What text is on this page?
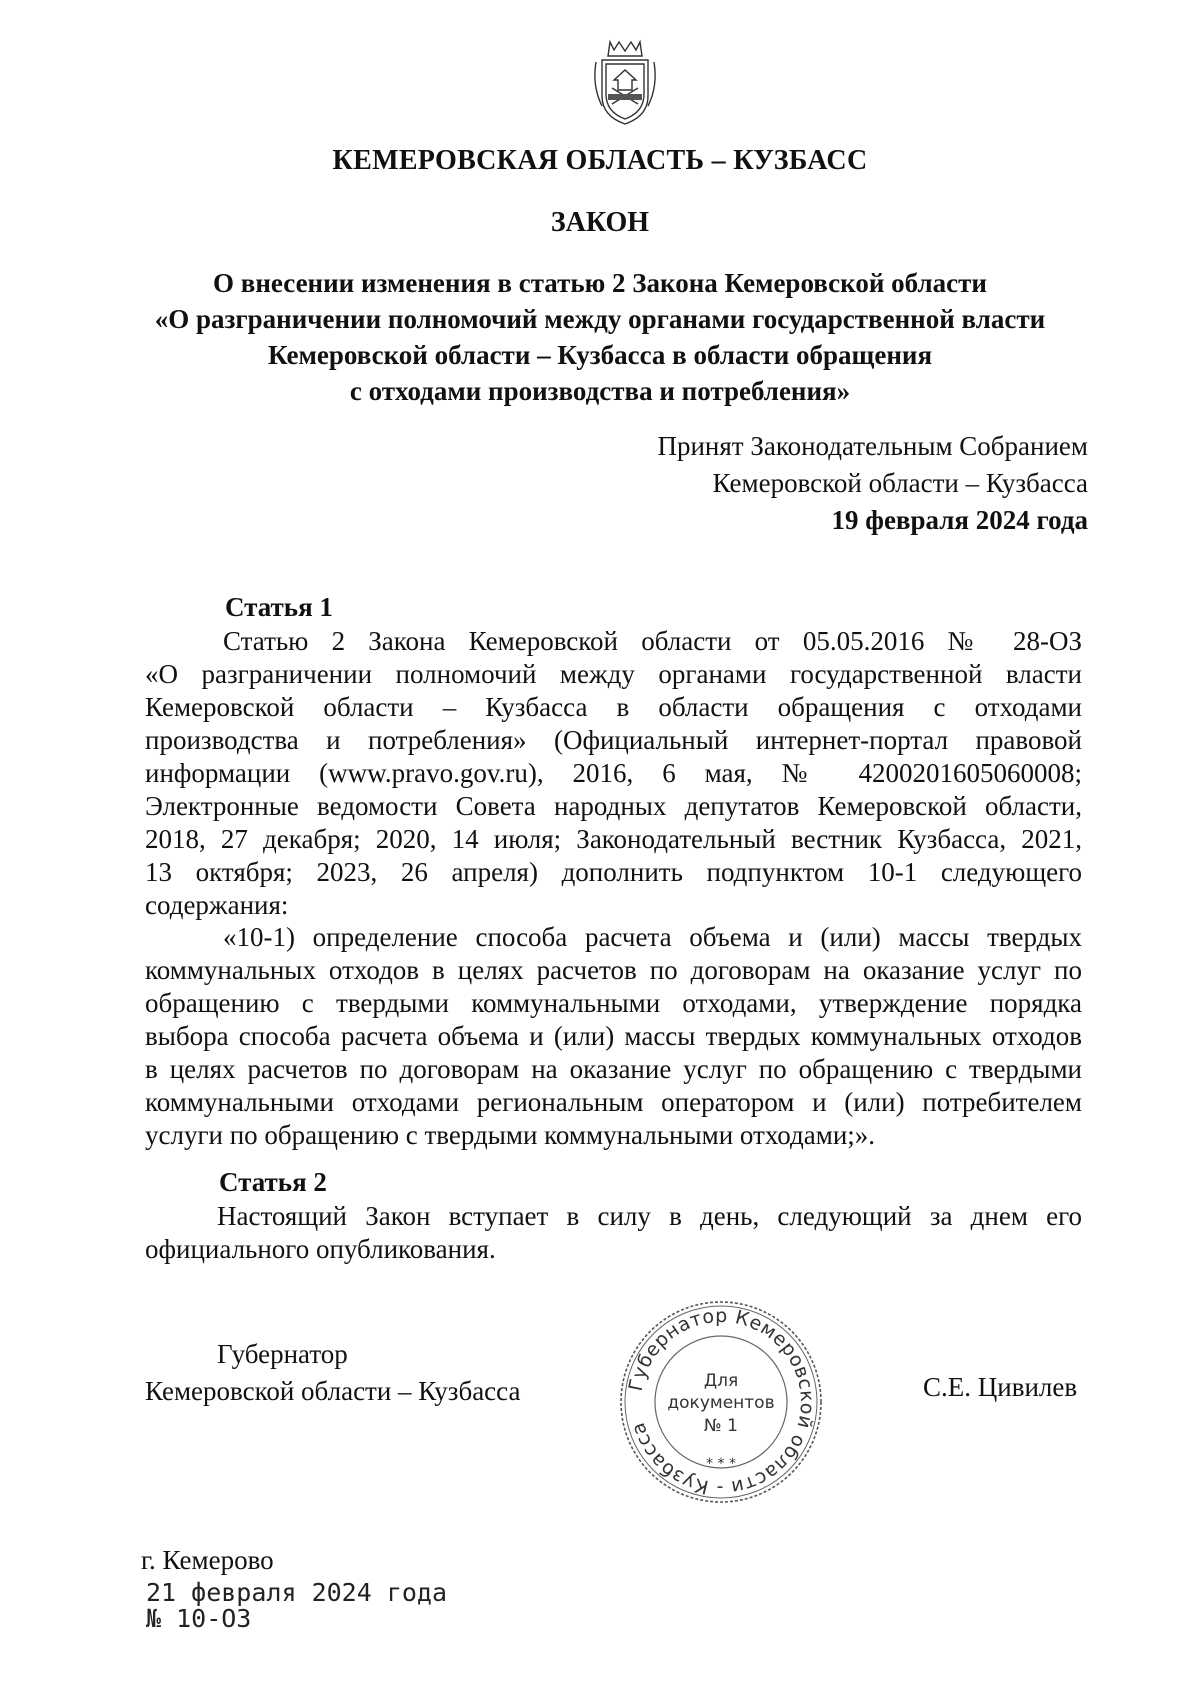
КЕМЕРОВСКАЯ ОБЛАСТЬ – КУЗБАСС
ЗАКОН
О внесении изменения в статью 2 Закона Кемеровской области
«О разграничении полномочий между органами государственной власти
Кемеровской области – Кузбасса в области обращения
с отходами производства и потребления»
Принят Законодательным Собранием
Кемеровской области – Кузбасса
19 февраля 2024 года
Статья 1
Статью 2 Закона Кемеровской области от 05.05.2016 № 28-ОЗ
«О разграничении полномочий между органами государственной власти
Кемеровской области – Кузбасса в области обращения с отходами
производства и потребления» (Официальный интернет-портал правовой
информации (www.pravo.gov.ru), 2016, 6 мая, № 4200201605060008;
Электронные ведомости Совета народных депутатов Кемеровской области,
2018, 27 декабря; 2020, 14 июля; Законодательный вестник Кузбасса, 2021,
13 октября; 2023, 26 апреля) дополнить подпунктом 10-1 следующего
содержания:
«10-1) определение способа расчета объема и (или) массы твердых
коммунальных отходов в целях расчетов по договорам на оказание услуг по
обращению с твердыми коммунальными отходами, утверждение порядка
выбора способа расчета объема и (или) массы твердых коммунальных отходов
в целях расчетов по договорам на оказание услуг по обращению с твердыми
коммунальными отходами региональным оператором и (или) потребителем
услуги по обращению с твердыми коммунальными отходами;».
Статья 2
Настоящий Закон вступает в силу в день, следующий за днем его
официального опубликования.
Губернатор
Кемеровской области – Кузбасса	Губернатор Кемеровской области - Кузбасса
Для
документов
№ 1
* * *
С.Е. Цивилев
г. Кемерово
21 февраля 2024 года
№ 10-ОЗ
